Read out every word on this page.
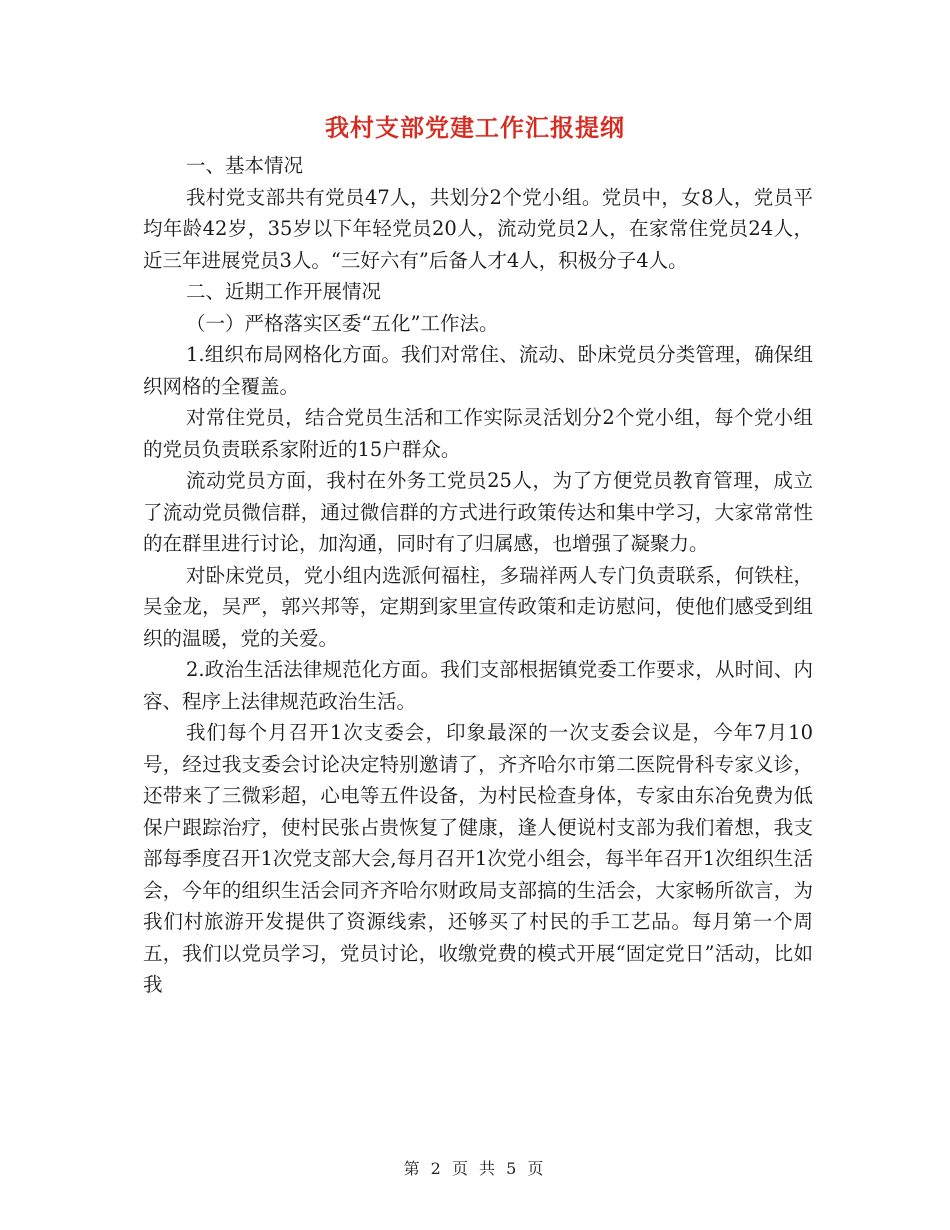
我村支部党建工作汇报提纲

一、基本情况

我村党支部共有党员47人，共划分2个党小组。党员中，女8人，党员平均年龄42岁，35岁以下年轻党员20人，流动党员2人，在家常住党员24人，近三年进展党员3人。“三好六有”后备人才4人，积极分子4人。

二、近期工作开展情况

（一）严格落实区委“五化”工作法。

1.组织布局网格化方面。我们对常住、流动、卧床党员分类管理，确保组织网格的全覆盖。

对常住党员，结合党员生活和工作实际灵活划分2个党小组，每个党小组的党员负责联系家附近的15户群众。

流动党员方面，我村在外务工党员25人，为了方便党员教育管理，成立了流动党员微信群，通过微信群的方式进行政策传达和集中学习，大家常常性的在群里进行讨论，加沟通，同时有了归属感，也增强了凝聚力。

对卧床党员，党小组内选派何福柱，多瑞祥两人专门负责联系，何铁柱，吴金龙，吴严，郭兴邦等，定期到家里宣传政策和走访慰问，使他们感受到组织的温暖，党的关爱。

2.政治生活法律规范化方面。我们支部根据镇党委工作要求，从时间、内容、程序上法律规范政治生活。

我们每个月召开1次支委会，印象最深的一次支委会议是，今年7月10号，经过我支委会讨论决定特别邀请了，齐齐哈尔市第二医院骨科专家义诊，还带来了三微彩超，心电等五件设备，为村民检查身体，专家由东冶免费为低保户跟踪治疗，使村民张占贵恢复了健康，逢人便说村支部为我们着想，我支部每季度召开1次党支部大会,每月召开1次党小组会，每半年召开1次组织生活会，今年的组织生活会同齐齐哈尔财政局支部搞的生活会，大家畅所欲言，为我们村旅游开发提供了资源线索，还够买了村民的手工艺品。每月第一个周五，我们以党员学习，党员讨论，收缴党费的模式开展“固定党日”活动，比如我

第 2 页 共 5 页
